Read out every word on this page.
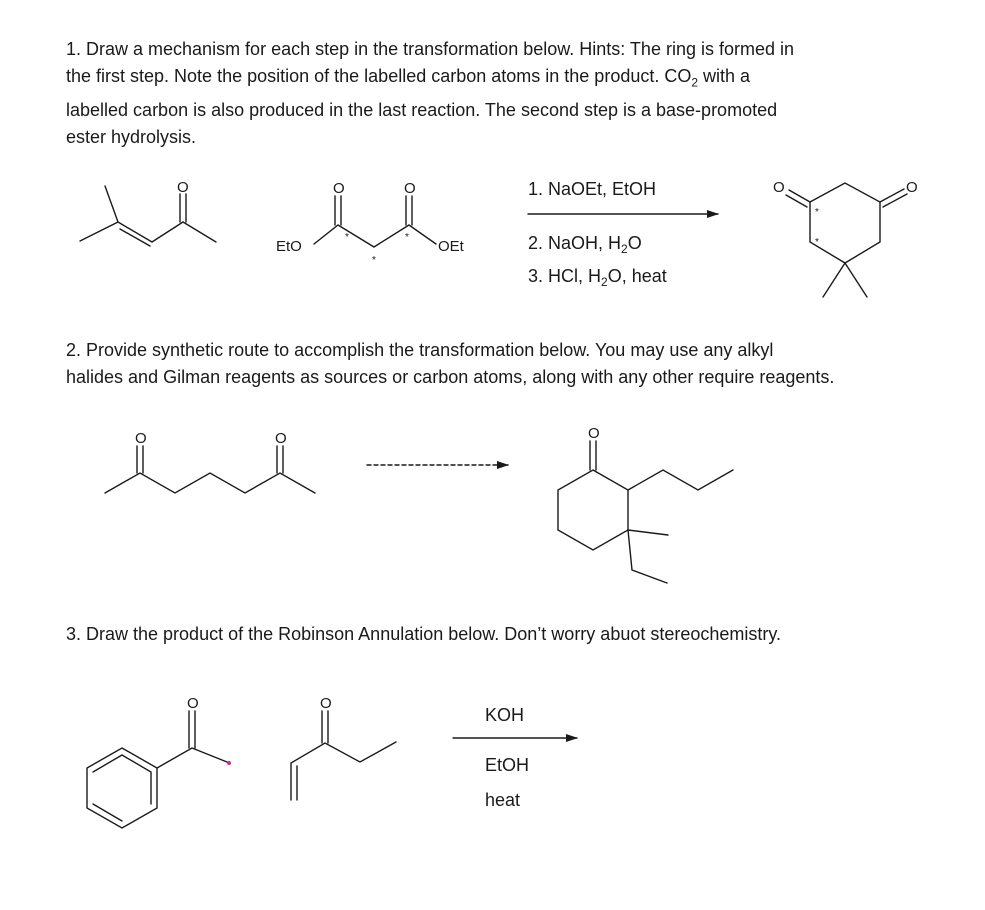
1. Draw a mechanism for each step in the transformation below. Hints: The ring is formed in
the first step. Note the position of the labelled carbon atoms in the product. $CO_2$ with a
labelled carbon is also produced in the last reaction. The second step is a base-promoted
ester hydrolysis.
2. Provide synthetic route to accomplish the transformation below. You may use any alkyl
halides and Gilman reagents as sources or carbon atoms, along with any other require reagents.
3. Draw the product of the Robinson Annulation below. Don’t worry abuot stereochemistry.
O	O	O
EtO	OEt
*
*
*
1. NaOEt, EtOH
2. NaOH, $H_2O$
3. HCl, $H_2O$, heat
O	O
*
*
O	O	O
O	O
KOH
EtOH
heat
